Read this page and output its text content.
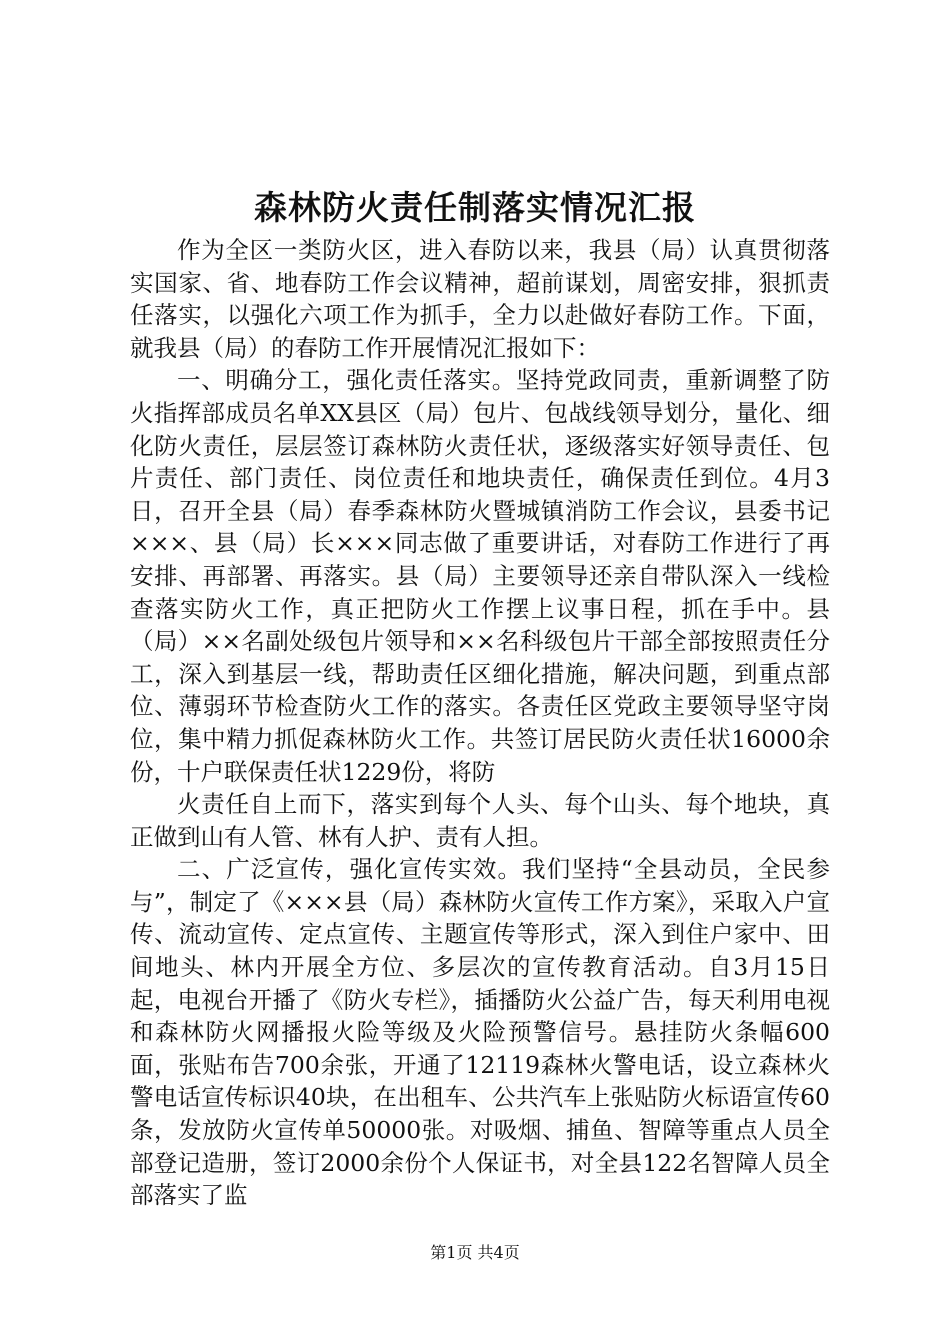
森林防火责任制落实情况汇报

作为全区一类防火区，进入春防以来，我县（局）认真贯彻落实国家、省、地春防工作会议精神，超前谋划，周密安排，狠抓责任落实，以强化六项工作为抓手，全力以赴做好春防工作。下面，就我县（局）的春防工作开展情况汇报如下：

一、明确分工，强化责任落实。坚持党政同责，重新调整了防火指挥部成员名单XX县区（局）包片、包战线领导划分，量化、细化防火责任，层层签订森林防火责任状，逐级落实好领导责任、包片责任、部门责任、岗位责任和地块责任，确保责任到位。4月3日，召开全县（局）春季森林防火暨城镇消防工作会议，县委书记×××、县（局）长×××同志做了重要讲话，对春防工作进行了再安排、再部署、再落实。县（局）主要领导还亲自带队深入一线检查落实防火工作，真正把防火工作摆上议事日程，抓在手中。县（局）××名副处级包片领导和××名科级包片干部全部按照责任分工，深入到基层一线，帮助责任区细化措施，解决问题，到重点部位、薄弱环节检查防火工作的落实。各责任区党政主要领导坚守岗位，集中精力抓促森林防火工作。共签订居民防火责任状16000余份，十户联保责任状1229份，将防

火责任自上而下，落实到每个人头、每个山头、每个地块，真正做到山有人管、林有人护、责有人担。

二、广泛宣传，强化宣传实效。我们坚持“全县动员，全民参与”，制定了《×××县（局）森林防火宣传工作方案》，采取入户宣传、流动宣传、定点宣传、主题宣传等形式，深入到住户家中、田间地头、林内开展全方位、多层次的宣传教育活动。自3月15日起，电视台开播了《防火专栏》，插播防火公益广告，每天利用电视和森林防火网播报火险等级及火险预警信号。悬挂防火条幅600面，张贴布告700余张，开通了12119森林火警电话，设立森林火警电话宣传标识40块，在出租车、公共汽车上张贴防火标语宣传60条，发放防火宣传单50000张。对吸烟、捕鱼、智障等重点人员全部登记造册，签订2000余份个人保证书，对全县122名智障人员全部落实了监

第1页 共4页
